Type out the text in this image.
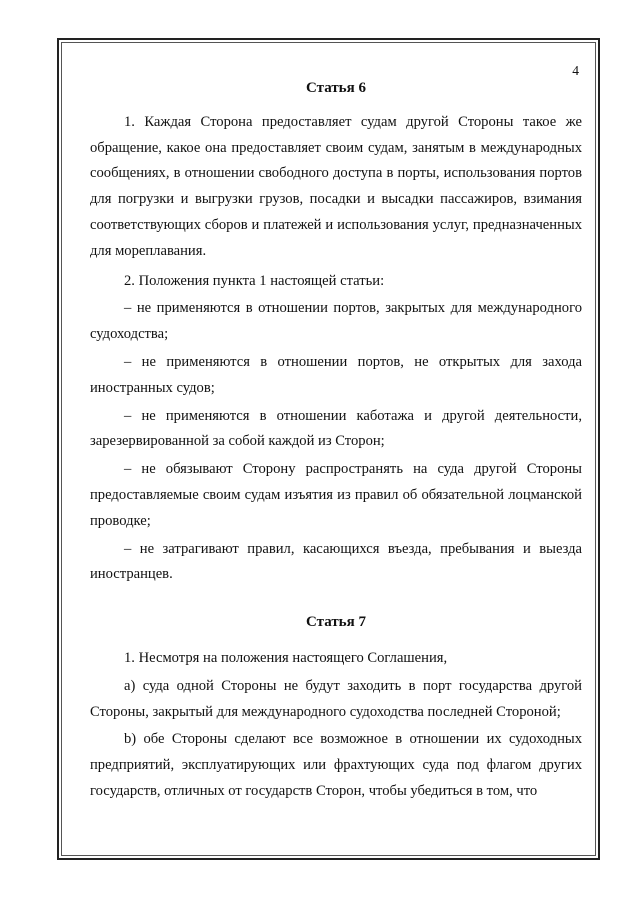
4
Статья 6

1. Каждая Сторона предоставляет судам другой Стороны такое же обращение, какое она предоставляет своим судам, занятым в международных сообщениях, в отношении свободного доступа в порты, использования портов для погрузки и выгрузки грузов, посадки и высадки пассажиров, взимания соответствующих сборов и платежей и использования услуг, предназначенных для мореплавания.

2. Положения пункта 1 настоящей статьи:

– не применяются в отношении портов, закрытых для международного судоходства;

– не применяются в отношении портов, не открытых для захода иностранных судов;

– не применяются в отношении каботажа и другой деятельности, зарезервированной за собой каждой из Сторон;

– не обязывают Сторону распространять на суда другой Стороны предоставляемые своим судам изъятия из правил об обязательной лоцманской проводке;

– не затрагивают правил, касающихся въезда, пребывания и выезда иностранцев.

Статья 7

1. Несмотря на положения настоящего Соглашения,

а) суда одной Стороны не будут заходить в порт государства другой Стороны, закрытый для международного судоходства последней Стороной;

b) обе Стороны сделают все возможное в отношении их судоходных предприятий, эксплуатирующих или фрахтующих суда под флагом других государств, отличных от государств Сторон, чтобы убедиться в том, что
